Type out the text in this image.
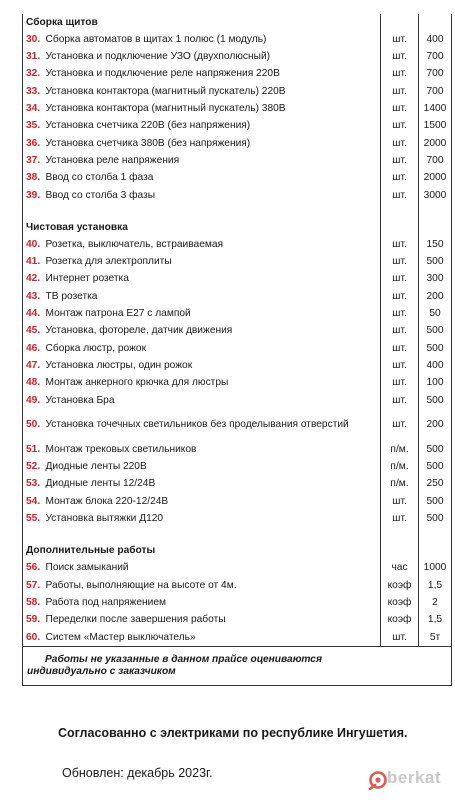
Сборка щитов			
30.	Сборка автоматов в щитах 1 полюс (1 модуль)	шт.	400
31.	Установка и подключение УЗО (двухполюсный)	шт.	700
32.	Установка и подключение реле напряжения 220В	шт.	700
33.	Установка контактора (магнитный пускатель) 220В	шт.	700
34.	Установка контактора (магнитный пускатель) 380В	шт.	1400
35.	Установка счетчика 220В (без напряжения)	шт.	1500
36.	Установка счетчика 380В (без напряжения)	шт.	2000
37.	Установка реле напряжения	шт.	700
38.	Ввод со столба 1 фаза	шт.	2000
39.	Ввод со столба 3 фазы	шт.	3000

Чистовая установка			
40.	Розетка, выключатель, встраиваемая	шт.	150
41.	Розетка для электроплиты	шт.	500
42.	Интернет розетка	шт.	300
43.	ТВ розетка	шт.	200
44.	Монтаж патрона Е27 с лампой	шт.	50
45.	Установка, фотореле, датчик движения	шт.	500
46.	Сборка люстр, рожок	шт.	500
47.	Установка люстры, один рожок	шт.	400
48.	Монтаж анкерного крючка для люстры	шт.	100
49.	Установка Бра	шт.	500
50.	Установка точечных светильников без проделывания отверстий	шт.	200
51.	Монтаж трековых светильников	п/м.	500
52.	Диодные ленты 220В	п/м.	500
53.	Диодные ленты 12/24В	п/м.	250
54.	Монтаж блока 220-12/24В	шт.	500
55.	Установка вытяжки Д120	шт.	500

Дополнительные работы			
56.	Поиск замыканий	час	1000
57.	Работы, выполняющие на высоте от 4м.	коэф	1,5
58.	Работа под напряжением	коэф	2
59.	Переделки после завершения работы	коэф	1,5
60.	Систем «Мастер выключатель»	шт.	5т

Работы не указанные в данном прайсе оцениваются
индивидуально с заказчиком			
Согласованно с электриками по республике Ингушетия.
Обновлен: декабрь 2023г.	berkat
